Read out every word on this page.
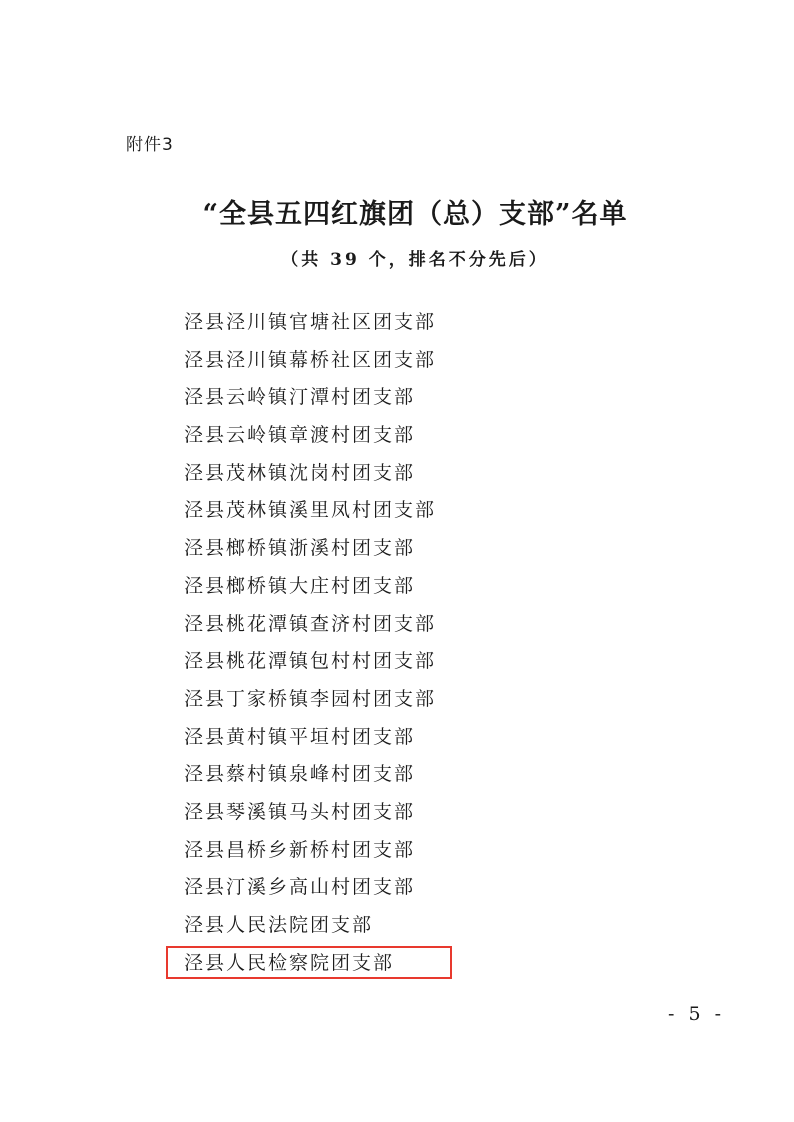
附件3
“全县五四红旗团（总）支部”名单
（共 39 个，排名不分先后）
泾县泾川镇官塘社区团支部
泾县泾川镇幕桥社区团支部
泾县云岭镇汀潭村团支部
泾县云岭镇章渡村团支部
泾县茂林镇沈岗村团支部
泾县茂林镇溪里凤村团支部
泾县榔桥镇浙溪村团支部
泾县榔桥镇大庄村团支部
泾县桃花潭镇查济村团支部
泾县桃花潭镇包村村团支部
泾县丁家桥镇李园村团支部
泾县黄村镇平垣村团支部
泾县蔡村镇泉峰村团支部
泾县琴溪镇马头村团支部
泾县昌桥乡新桥村团支部
泾县汀溪乡高山村团支部
泾县人民法院团支部
泾县人民检察院团支部
- 5 -
